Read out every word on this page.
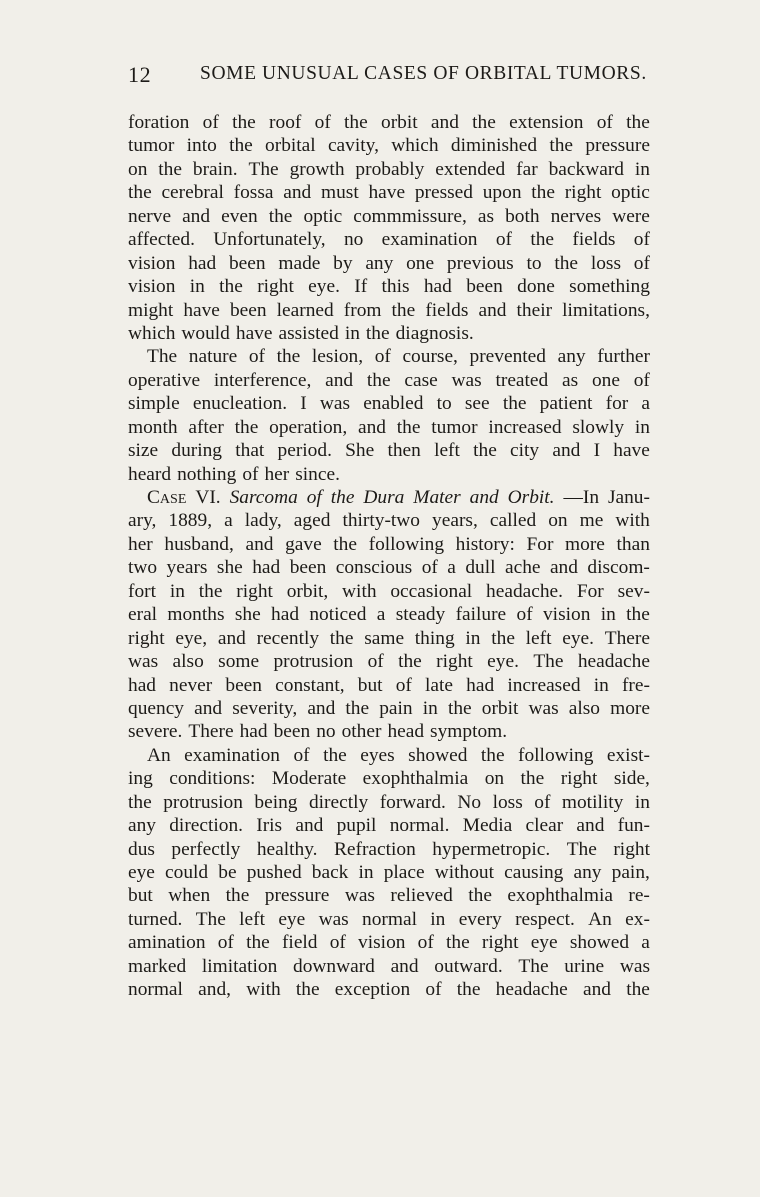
12	SOME UNUSUAL CASES OF ORBITAL TUMORS.
foration of the roof of the orbit and the extension of the
tumor into the orbital cavity, which diminished the pressure
on the brain. The growth probably extended far backward in
the cerebral fossa and must have pressed upon the right optic
nerve and even the optic commmissure, as both nerves were
affected. Unfortunately, no examination of the fields of
vision had been made by any one previous to the loss of
vision in the right eye. If this had been done something
might have been learned from the fields and their limitations,
which would have assisted in the diagnosis.
The nature of the lesion, of course, prevented any further
operative interference, and the case was treated as one of
simple enucleation. I was enabled to see the patient for a
month after the operation, and the tumor increased slowly in
size during that period. She then left the city and I have
heard nothing of her since.
Case VI. Sarcoma of the Dura Mater and Orbit. —In Janu-
ary, 1889, a lady, aged thirty-two years, called on me with
her husband, and gave the following history: For more than
two years she had been conscious of a dull ache and discom-
fort in the right orbit, with occasional headache. For sev-
eral months she had noticed a steady failure of vision in the
right eye, and recently the same thing in the left eye. There
was also some protrusion of the right eye. The headache
had never been constant, but of late had increased in fre-
quency and severity, and the pain in the orbit was also more
severe. There had been no other head symptom.
An examination of the eyes showed the following exist-
ing conditions: Moderate exophthalmia on the right side,
the protrusion being directly forward. No loss of motility in
any direction. Iris and pupil normal. Media clear and fun-
dus perfectly healthy. Refraction hypermetropic. The right
eye could be pushed back in place without causing any pain,
but when the pressure was relieved the exophthalmia re-
turned. The left eye was normal in every respect. An ex-
amination of the field of vision of the right eye showed a
marked limitation downward and outward. The urine was
normal and, with the exception of the headache and the
